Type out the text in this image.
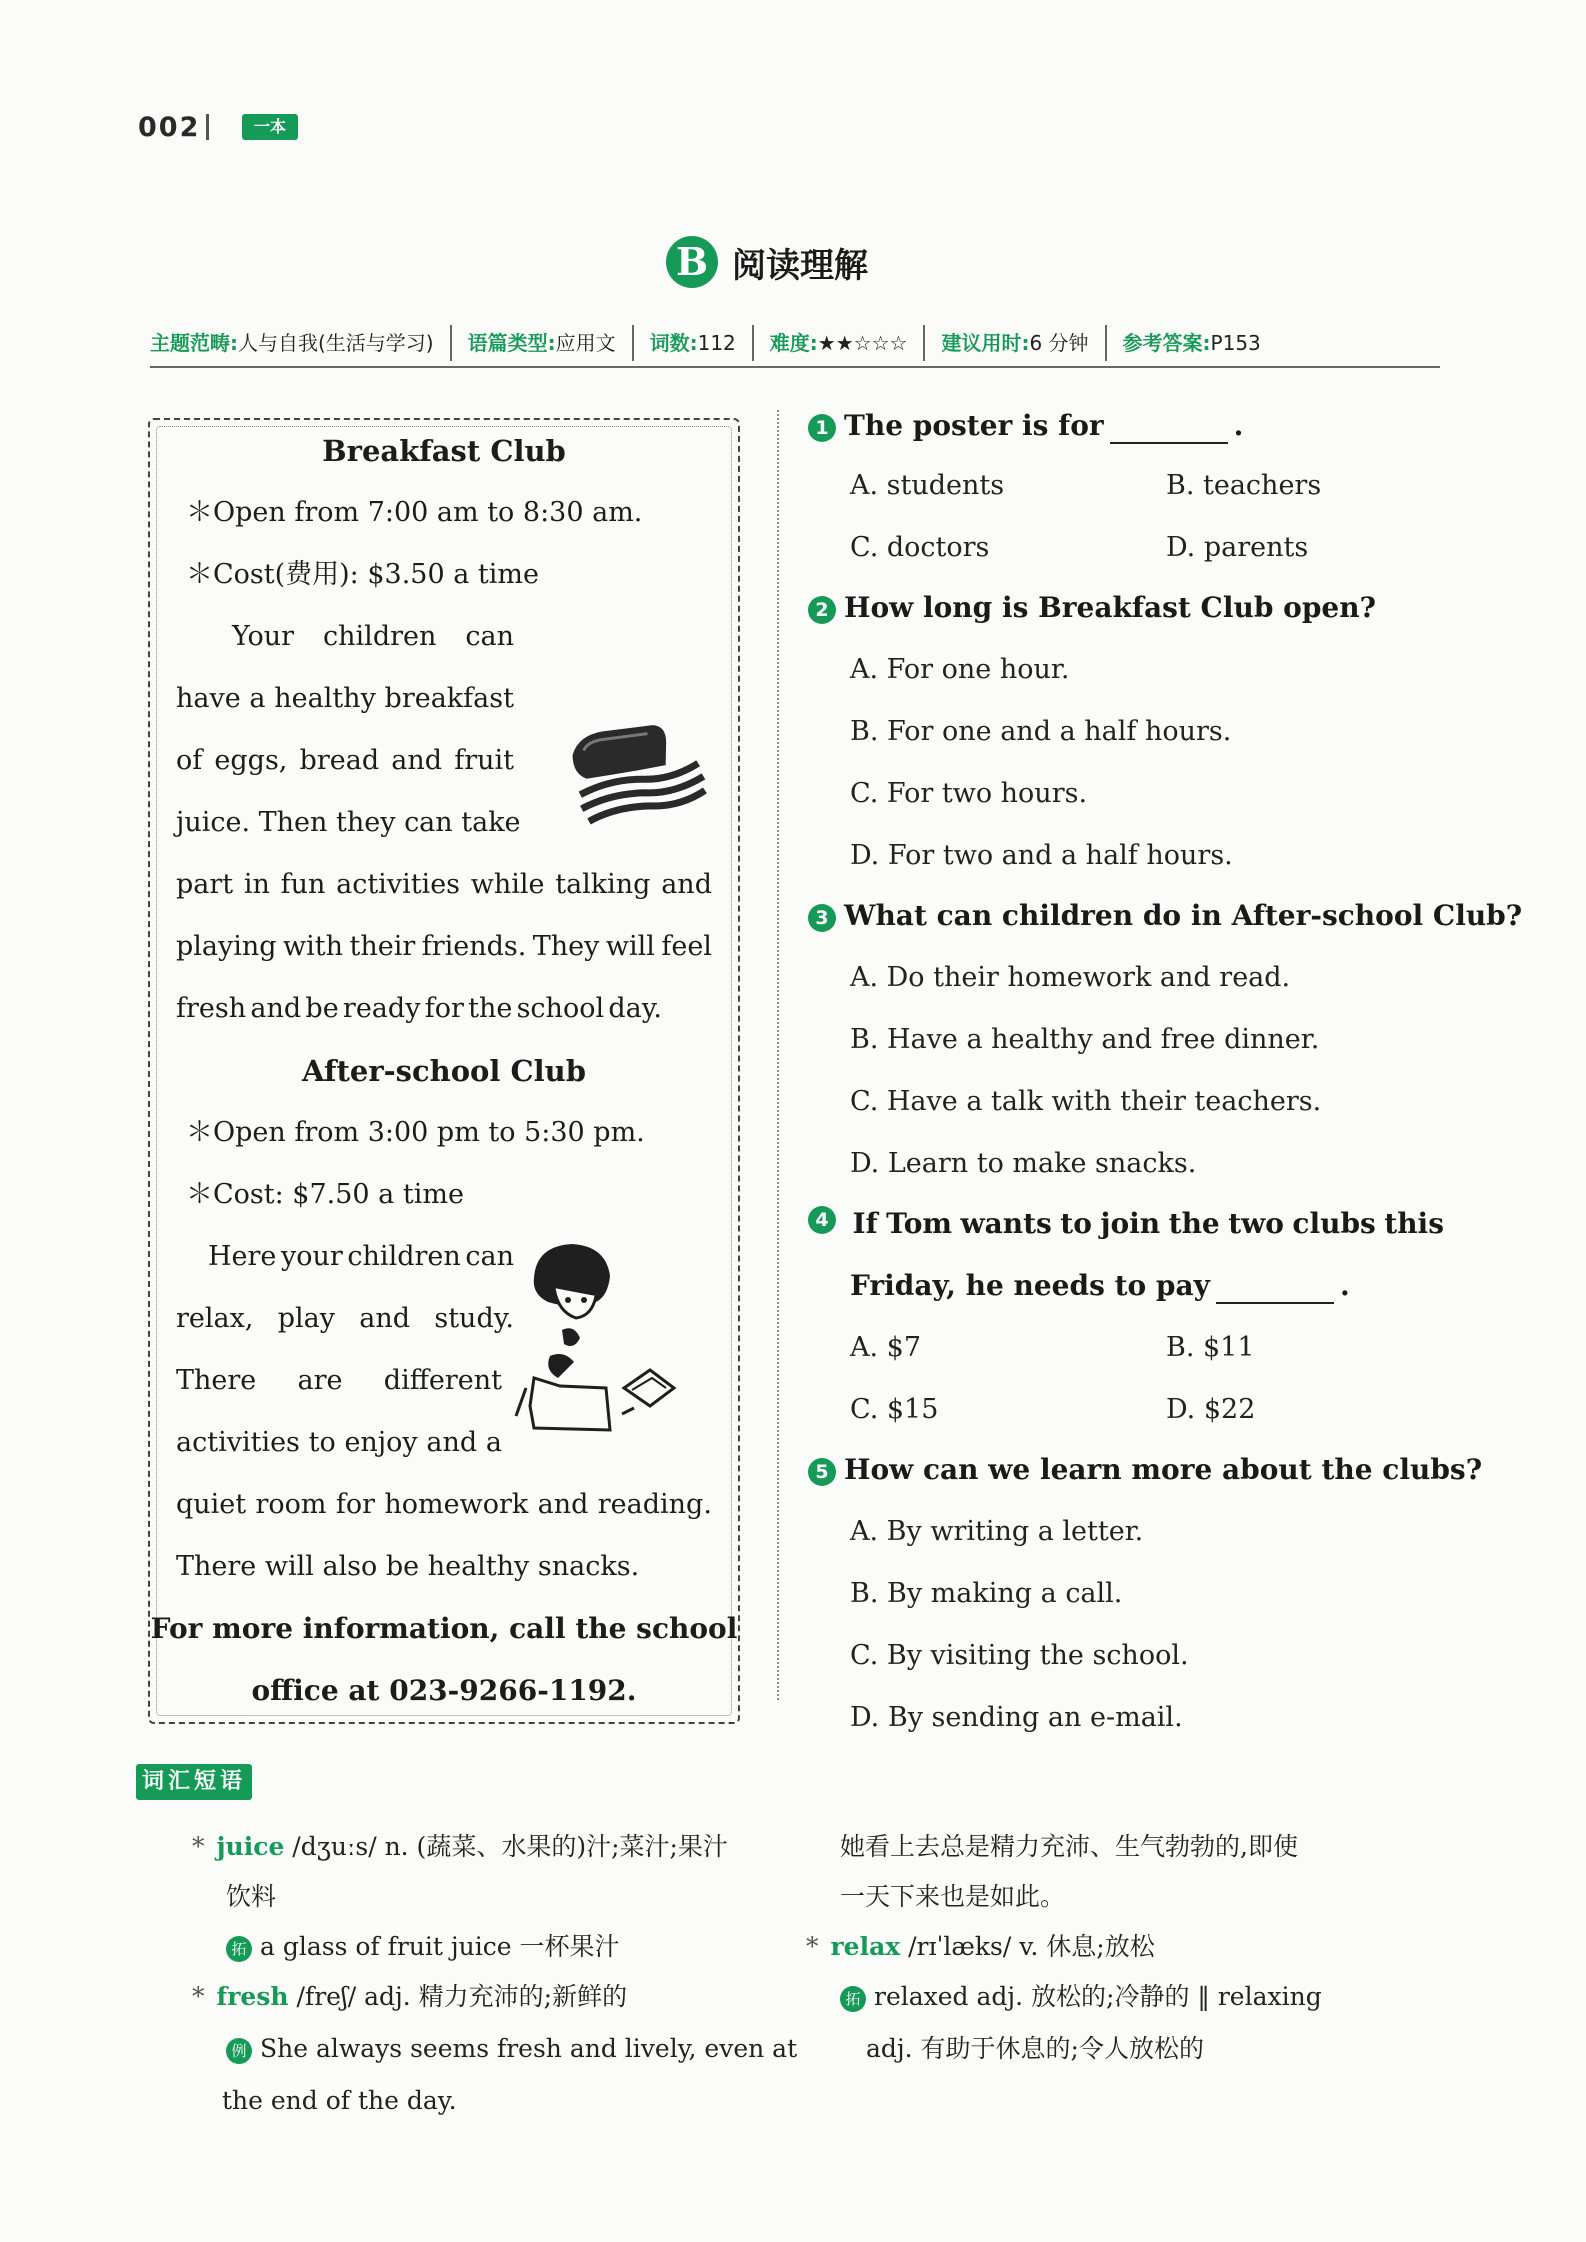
002	一本
B 阅读理解
主题范畴:人与自我(生活与学习)	语篇类型:应用文	词数:112	难度:★★☆☆☆	建议用时:6 分钟	参考答案:P153
Breakfast Club
＊Open from 7:00 am to 8:30 am.
＊Cost(费用): $3.50 a time
Your children can
have a healthy breakfast
of eggs, bread and fruit
juice. Then they can take
part in fun activities while talking and
playing with their friends. They will feel
fresh and be ready for the school day.
After-school Club
＊Open from 3:00 pm to 5:30 pm.
＊Cost: $7.50 a time
Here your children can
relax, play and study.
There are different
activities to enjoy and a
quiet room for homework and reading.
There will also be healthy snacks.
For more information, call the school
office at 023-9266-1192.
1 The poster is for	.
A. students	B. teachers
C. doctors	D. parents
2 How long is Breakfast Club open?
A. For one hour.
B. For one and a half hours.
C. For two hours.
D. For two and a half hours.
3 What can children do in After-school Club?
A. Do their homework and read.
B. Have a healthy and free dinner.
C. Have a talk with their teachers.
D. Learn to make snacks.
4 If Tom wants to join the two clubs this
Friday, he needs to pay	.
A. $7	B. $11
C. $15	D. $22
5 How can we learn more about the clubs?
A. By writing a letter.
B. By making a call.
C. By visiting the school.
D. By sending an e-mail.
词汇短语
* juice /dʒuːs/ n. (蔬菜、水果的)汁;菜汁;果汁
饮料
拓 a glass of fruit juice 一杯果汁
* fresh /freʃ/ adj. 精力充沛的;新鲜的
例 She always seems fresh and lively, even at
the end of the day.
她看上去总是精力充沛、生气勃勃的,即使
一天下来也是如此。
* relax /rɪˈlæks/ v. 休息;放松
拓 relaxed adj. 放松的;冷静的 ‖ relaxing
adj. 有助于休息的;令人放松的
